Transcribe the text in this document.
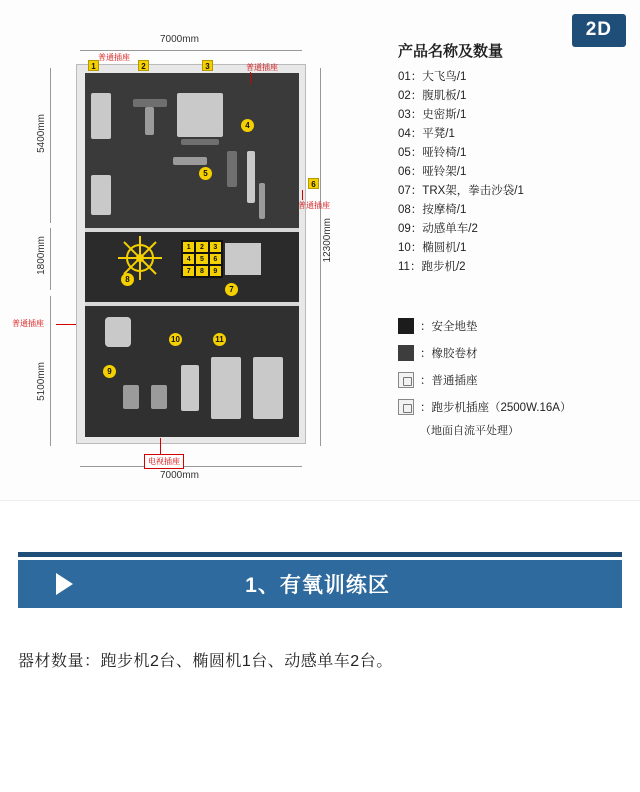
2D
7000mm
7000mm
5400mm
1800mm
5100mm
12300mm
1	2	3
4	5	6
7	8	9
4
5
7
8
9
10	11
1	2	3
6
普通插座
普通插座
普通插座
普通插座
电视插座
产品名称及数量
01：大飞鸟/1
02：腹肌板/1
03：史密斯/1
04：平凳/1
05：哑铃椅/1
06：哑铃架/1
07：TRX架，拳击沙袋/1
08：按摩椅/1
09：动感单车/2
10：椭圆机/1
11：跑步机/2
：安全地垫
：橡胶卷材
：普通插座
：跑步机插座（2500W.16A）
（地面自流平处理）
1、有氧训练区
器材数量：跑步机2台、椭圆机1台、动感单车2台。
